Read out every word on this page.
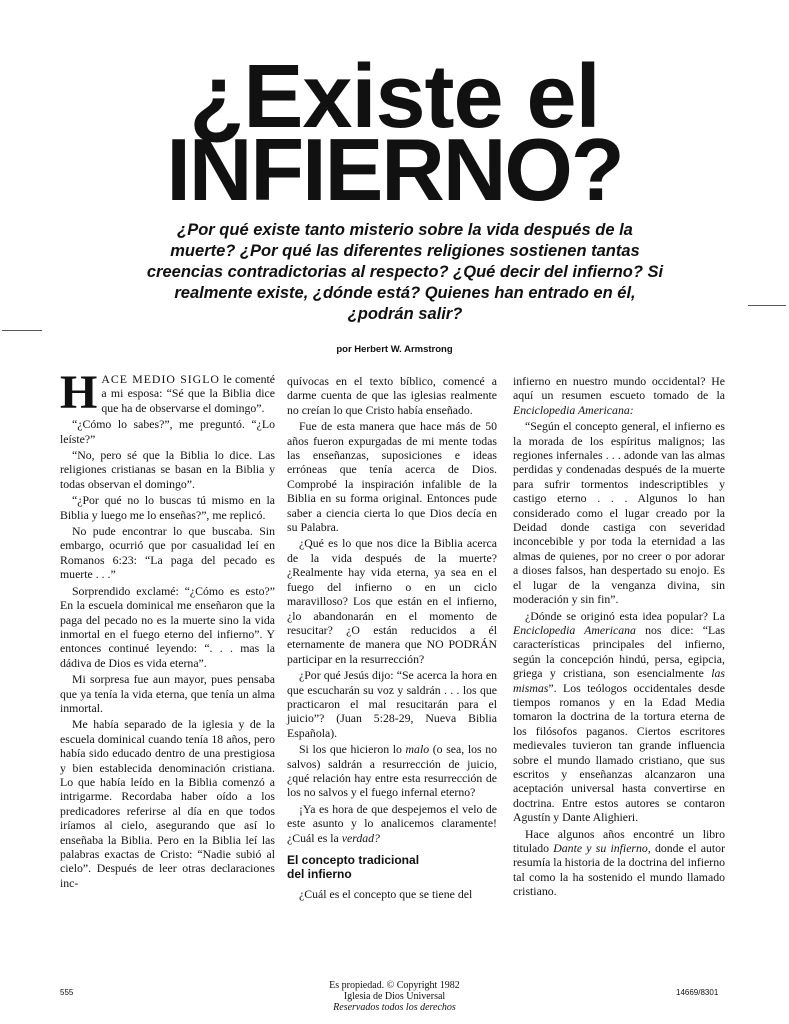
¿Existe el
INFIERNO?
¿Por qué existe tanto misterio sobre la vida después de la muerte? ¿Por qué las diferentes religiones sostienen tantas creencias contradictorias al respecto? ¿Qué decir del infierno? Si realmente existe, ¿dónde está? Quienes han entrado en él, ¿podrán salir?
por Herbert W. Armstrong

HACE MEDIO SIGLO le comenté a mi esposa: “Sé que la Biblia dice que ha de observarse el domingo”.

“¿Cómo lo sabes?”, me preguntó. “¿Lo leíste?”

“No, pero sé que la Biblia lo dice. Las religiones cristianas se basan en la Biblia y todas observan el domingo”.

“¿Por qué no lo buscas tú mismo en la Biblia y luego me lo enseñas?”, me replicó.

No pude encontrar lo que buscaba. Sin embargo, ocurrió que por casualidad leí en Romanos 6:23: “La paga del pecado es muerte . . .”

Sorprendido exclamé: “¿Cómo es esto?” En la escuela dominical me enseñaron que la paga del pecado no es la muerte sino la vida inmortal en el fuego eterno del infierno”. Y entonces continué leyendo: “. . . mas la dádiva de Dios es vida eterna”.

Mi sorpresa fue aun mayor, pues pensaba que ya tenía la vida eterna, que tenía un alma inmortal.

Me había separado de la iglesia y de la escuela dominical cuando tenía 18 años, pero había sido educado dentro de una prestigiosa y bien establecida denominación cristiana. Lo que había leído en la Biblia comenzó a intrigarme. Recordaba haber oído a los predicadores referirse al día en que todos iríamos al cielo, asegurando que así lo enseñaba la Biblia. Pero en la Biblia leí las palabras exactas de Cristo: “Nadie subió al cielo”. Después de leer otras declaraciones inc-

quívocas en el texto bíblico, comencé a darme cuenta de que las iglesias realmente no creían lo que Cristo había enseñado.

Fue de esta manera que hace más de 50 años fueron expurgadas de mi mente todas las enseñanzas, suposiciones e ideas erróneas que tenía acerca de Dios. Comprobé la inspiración infalible de la Biblia en su forma original. Entonces pude saber a ciencia cierta lo que Dios decía en su Palabra.

¿Qué es lo que nos dice la Biblia acerca de la vida después de la muerte? ¿Realmente hay vida eterna, ya sea en el fuego del infierno o en un ciclo maravilloso? Los que están en el infierno, ¿lo abandonarán en el momento de resucitar? ¿O están reducidos a él eternamente de manera que NO PODRÁN participar en la resurrección?

¿Por qué Jesús dijo: “Se acerca la hora en que escucharán su voz y saldrán . . . los que practicaron el mal resucitarán para el juicio”? (Juan 5:28-29, Nueva Biblia Española).

Si los que hicieron lo malo (o sea, los no salvos) saldrán a resurrección de juicio, ¿qué relación hay entre esta resurrección de los no salvos y el fuego infernal eterno?

¡Ya es hora de que despejemos el velo de este asunto y lo analicemos claramente! ¿Cuál es la verdad?

El concepto tradicional
del infierno

¿Cuál es el concepto que se tiene del

infierno en nuestro mundo occidental? He aquí un resumen escueto tomado de la Enciclopedia Americana:

“Según el concepto general, el infierno es la morada de los espíritus malignos; las regiones infernales . . . adonde van las almas perdidas y condenadas después de la muerte para sufrir tormentos indescriptibles y castigo eterno . . . Algunos lo han considerado como el lugar creado por la Deidad donde castiga con severidad inconcebible y por toda la eternidad a las almas de quienes, por no creer o por adorar a dioses falsos, han despertado su enojo. Es el lugar de la venganza divina, sin moderación y sin fin”.

¿Dónde se originó esta idea popular? La Enciclopedia Americana nos dice: “Las características principales del infierno, según la concepción hindú, persa, egipcia, griega y cristiana, son esencialmente las mismas”. Los teólogos occidentales desde tiempos romanos y en la Edad Media tomaron la doctrina de la tortura eterna de los filósofos paganos. Ciertos escritores medievales tuvieron tan grande influencia sobre el mundo llamado cristiano, que sus escritos y enseñanzas alcanzaron una aceptación universal hasta convertirse en doctrina. Entre estos autores se contaron Agustín y Dante Alighieri.

Hace algunos años encontré un libro titulado Dante y su infierno, donde el autor resumía la historia de la doctrina del infierno tal como la ha sostenido el mundo llamado cristiano.

555
Es propiedad. © Copyright 1982
Iglesia de Dios Universal
Reservados todos los derechos
14669/8301
